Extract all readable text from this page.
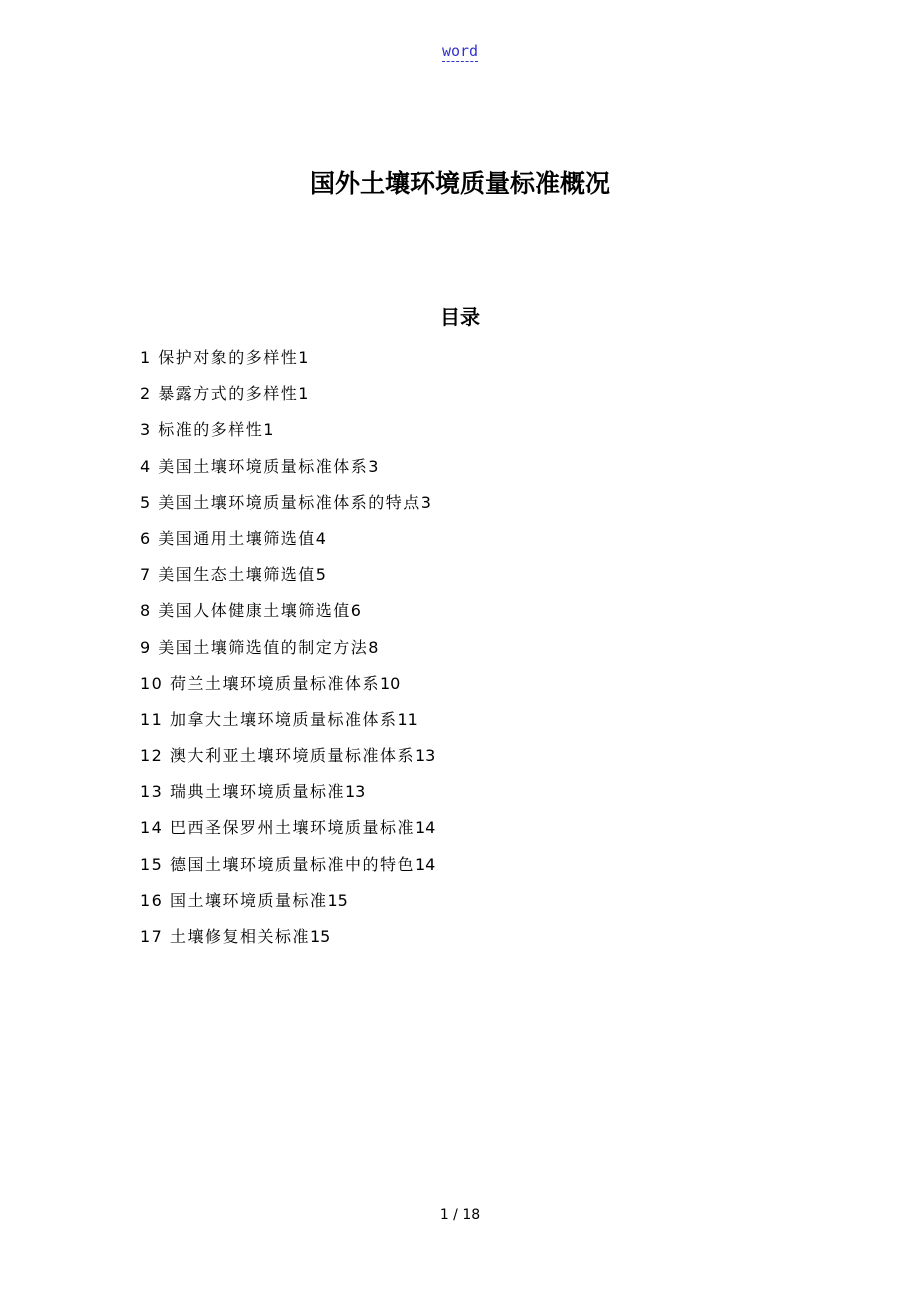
word
国外土壤环境质量标准概况
目录
1 保护对象的多样性1
2 暴露方式的多样性1
3 标准的多样性1
4 美国土壤环境质量标准体系3
5 美国土壤环境质量标准体系的特点3
6 美国通用土壤筛选值4
7 美国生态土壤筛选值5
8 美国人体健康土壤筛选值6
9 美国土壤筛选值的制定方法8
10 荷兰土壤环境质量标准体系10
11 加拿大土壤环境质量标准体系11
12 澳大利亚土壤环境质量标准体系13
13 瑞典土壤环境质量标准13
14 巴西圣保罗州土壤环境质量标准14
15 德国土壤环境质量标准中的特色14
16 国土壤环境质量标准15
17 土壤修复相关标准15
1 / 18
